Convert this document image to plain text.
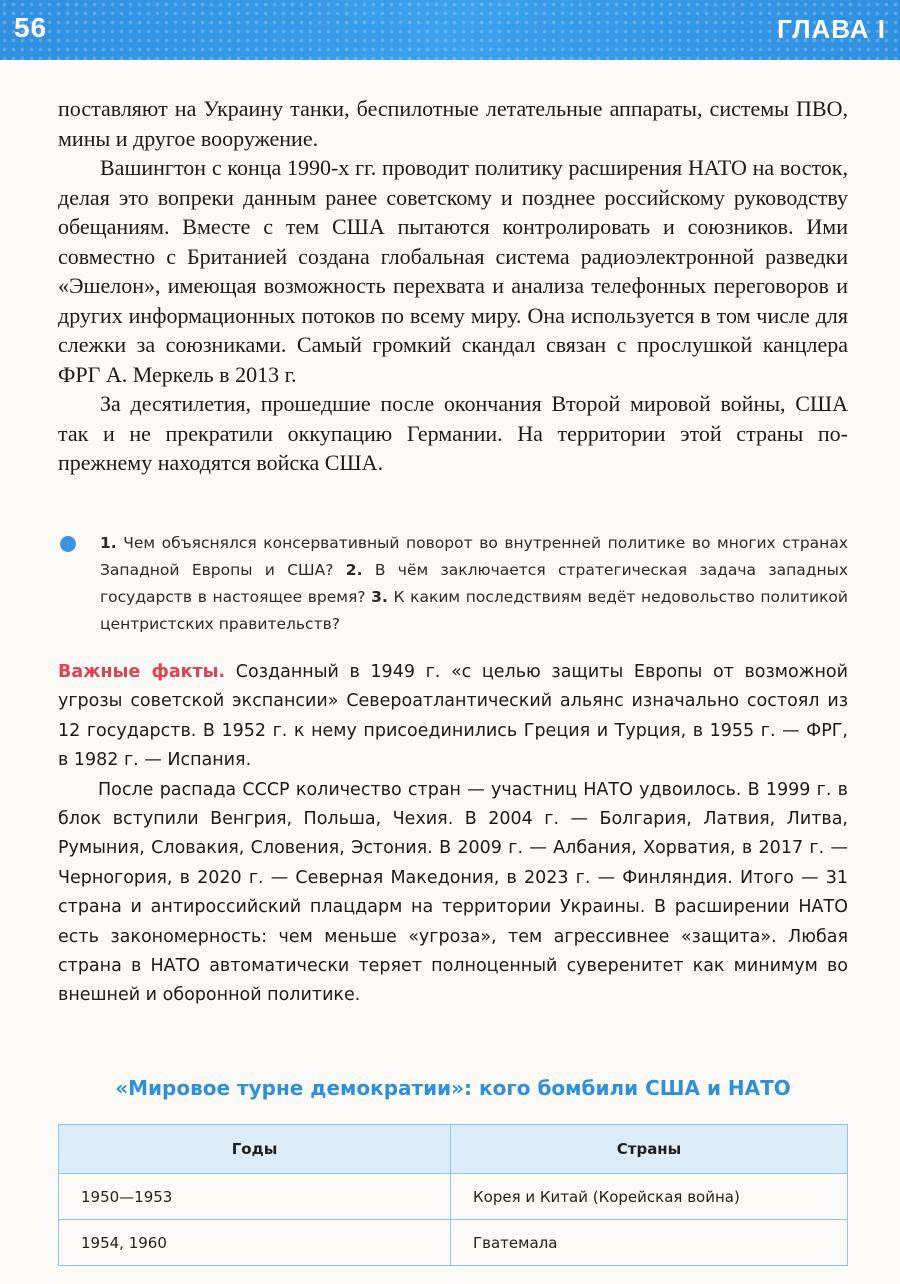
56	ГЛАВА I

поставляют на Украину танки, беспилотные летательные аппараты, системы ПВО, мины и другое вооружение.

Вашингтон с конца 1990-х гг. проводит политику расширения НАТО на восток, делая это вопреки данным ранее советскому и позднее российскому руководству обещаниям. Вместе с тем США пытаются контролировать и союзников. Ими совместно с Британией создана глобальная система радиоэлектронной разведки «Эшелон», имеющая возможность перехвата и анализа телефонных переговоров и других информационных потоков по всему миру. Она используется в том числе для слежки за союзниками. Самый громкий скандал связан с прослушкой канцлера ФРГ А. Меркель в 2013 г.

За десятилетия, прошедшие после окончания Второй мировой войны, США так и не прекратили оккупацию Германии. На территории этой страны по-прежнему находятся войска США.

1. Чем объяснялся консервативный поворот во внутренней политике во многих странах Западной Европы и США? 2. В чём заключается стратегическая задача западных государств в настоящее время? 3. К каким последствиям ведёт недовольство политикой центристских правительств?

Важные факты. Созданный в 1949 г. «с целью защиты Европы от возможной угрозы советской экспансии» Североатлантический альянс изначально состоял из 12 государств. В 1952 г. к нему присоединились Греция и Турция, в 1955 г. — ФРГ, в 1982 г. — Испания.

После распада СССР количество стран — участниц НАТО удвоилось. В 1999 г. в блок вступили Венгрия, Польша, Чехия. В 2004 г. — Болгария, Латвия, Литва, Румыния, Словакия, Словения, Эстония. В 2009 г. — Албания, Хорватия, в 2017 г. — Черногория, в 2020 г. — Северная Македония, в 2023 г. — Финляндия. Итого — 31 страна и антироссийский плацдарм на территории Украины. В расширении НАТО есть закономерность: чем меньше «угроза», тем агрессивнее «защита». Любая страна в НАТО автоматически теряет полноценный суверенитет как минимум во внешней и оборонной политике.

«Мировое турне демократии»: кого бомбили США и НАТО
Годы	Страны
1950—1953	Корея и Китай (Корейская война)
1954, 1960	Гватемала
